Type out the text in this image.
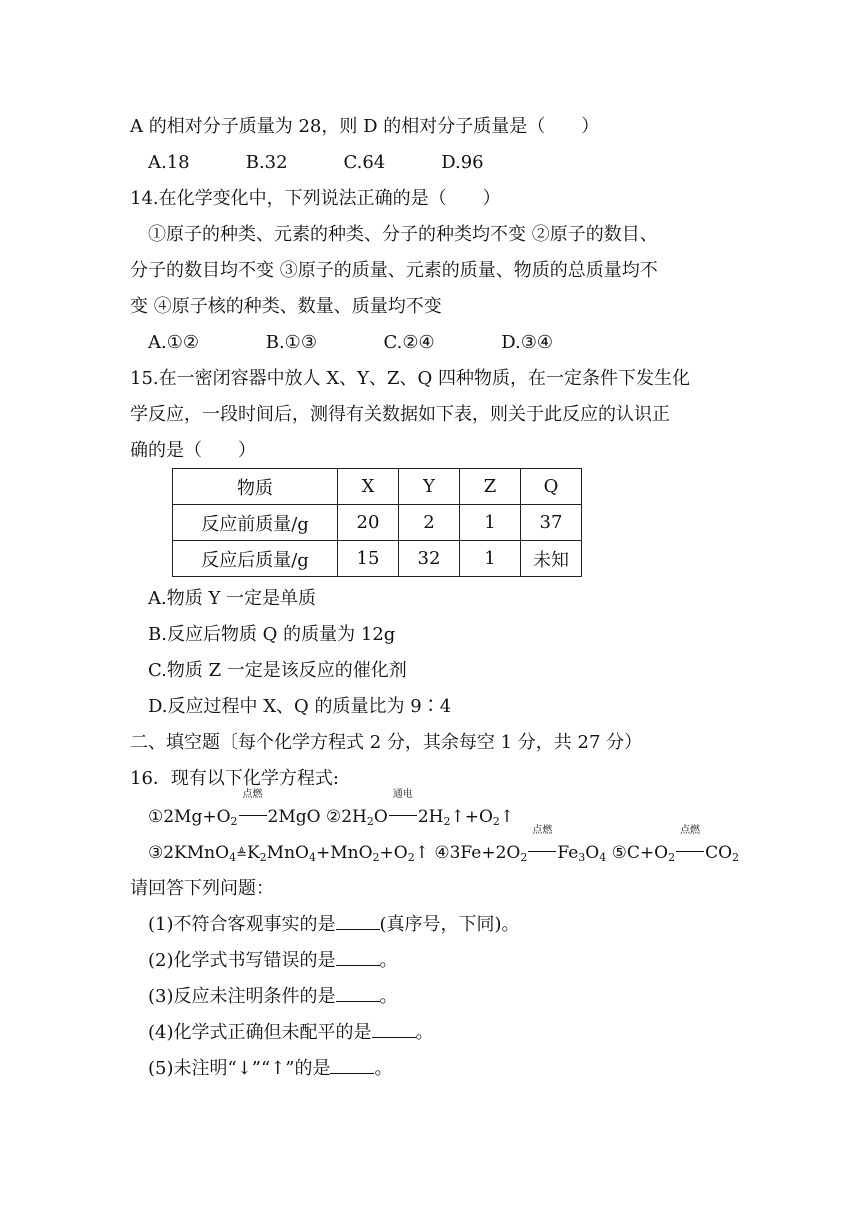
A 的相对分子质量为 28，则 D 的相对分子质量是（　　）
A.18	B.32	C.64	D.96
14.在化学变化中，下列说法正确的是（　　）
①原子的种类、元素的种类、分子的种类均不变 ②原子的数目、
分子的数目均不变 ③原子的质量、元素的质量、物质的总质量均不
变 ④原子核的种类、数量、质量均不变
A.①②	B.①③	C.②④	D.③④
15.在一密闭容器中放人 X、Y、Z、Q 四种物质，在一定条件下发生化
学反应，一段时间后，测得有关数据如下表，则关于此反应的认识正
确的是（　　）
物质	X	Y	Z	Q
反应前质量/g	20	2	1	37
反应后质量/g	15	32	1	未知
A.物质 Y 一定是单质
B.反应后物质 Q 的质量为 12g
C.物质 Z 一定是该反应的催化剂
D.反应过程中 X、Q 的质量比为 9∶4
二、填空题〔每个化学方程式 2 分，其余每空 1 分，共 27 分）
16．现有以下化学方程式:
$①2Mg+O_2$
点燃
2MgO $②2H_2O$
通电
$2H_2↑+O_2↑$
$③2KMnO_4≜K_2MnO_4+MnO_2+O_2↑$ $④3Fe+2O_2$
点燃
$Fe_3O_4$ $⑤C+O_2$
点燃
$CO_2$
请回答下列问题：
(1)不符合客观事实的是 (真序号，下同)。
(2)化学式书写错误的是 。
(3)反应未注明条件的是 。
(4)化学式正确但未配平的是 。
(5)未注明“↓”“↑”的是 。
